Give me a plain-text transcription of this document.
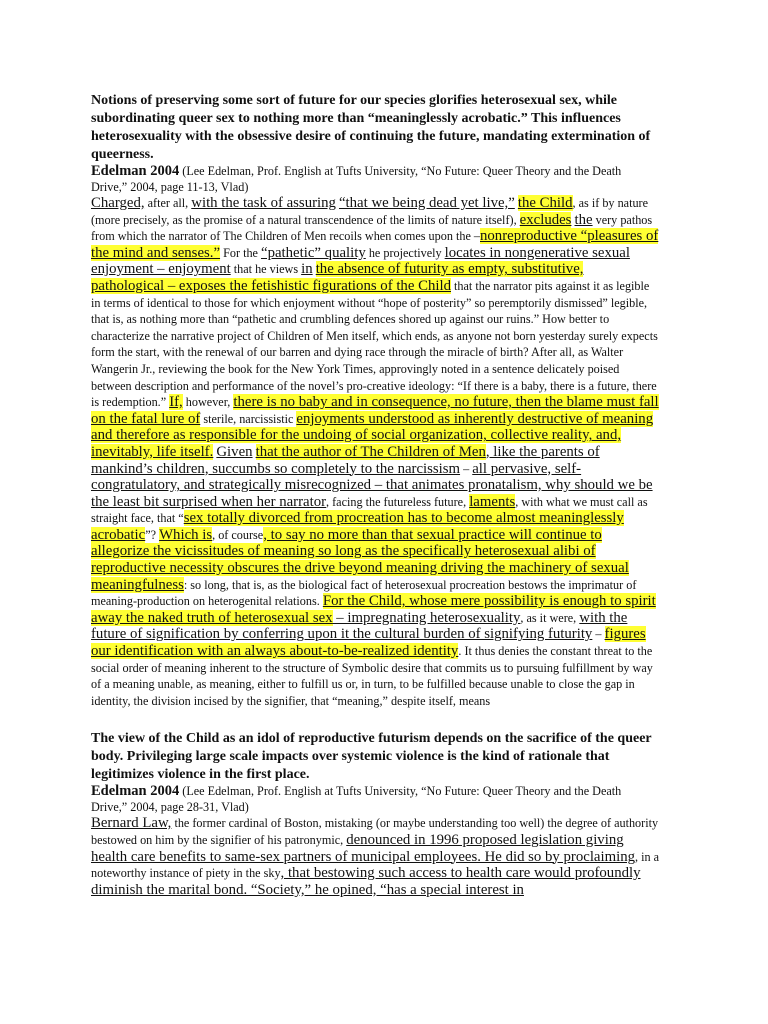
Notions of preserving some sort of future for our species glorifies heterosexual sex, while subordinating queer sex to nothing more than “meaninglessly acrobatic.” This influences heterosexuality with the obsessive desire of continuing the future, mandating extermination of queerness.

Edelman 2004 (Lee Edelman, Prof. English at Tufts University, “No Future: Queer Theory and the Death Drive,” 2004, page 11-13, Vlad)

Charged, after all, with the task of assuring “that we being dead yet live,” the Child, as if by nature (more precisely, as the promise of a natural transcendence of the limits of nature itself), excludes the very pathos from which the narrator of The Children of Men recoils when comes upon the –nonreproductive “pleasures of the mind and senses.” For the “pathetic” quality he projectively locates in nongenerative sexual enjoyment – enjoyment that he views in the absence of futurity as empty, substitutive, pathological – exposes the fetishistic figurations of the Child that the narrator pits against it as legible in terms of identical to those for which enjoyment without “hope of posterity” so peremptorily dismissed” legible, that is, as nothing more than “pathetic and crumbling defences shored up against our ruins.” How better to characterize the narrative project of Children of Men itself, which ends, as anyone not born yesterday surely expects form the start, with the renewal of our barren and dying race through the miracle of birth? After all, as Walter Wangerin Jr., reviewing the book for the New York Times, approvingly noted in a sentence delicately poised between description and performance of the novel’s pro-creative ideology: “If there is a baby, there is a future, there is redemption.” If, however, there is no baby and in consequence, no future, then the blame must fall on the fatal lure of sterile, narcissistic enjoyments understood as inherently destructive of meaning and therefore as responsible for the undoing of social organization, collective reality, and, inevitably, life itself. Given that the author of The Children of Men, like the parents of mankind’s children, succumbs so completely to the narcissism – all pervasive, self-congratulatory, and strategically misrecognized – that animates pronatalism, why should we be the least bit surprised when her narrator, facing the futureless future, laments, with what we must call as straight face, that “sex totally divorced from procreation has to become almost meaninglessly acrobatic”? Which is, of course, to say no more than that sexual practice will continue to allegorize the vicissitudes of meaning so long as the specifically heterosexual alibi of reproductive necessity obscures the drive beyond meaning driving the machinery of sexual meaningfulness: so long, that is, as the biological fact of heterosexual procreation bestows the imprimatur of meaning-production on heterogenital relations. For the Child, whose mere possibility is enough to spirit away the naked truth of heterosexual sex – impregnating heterosexuality, as it were, with the future of signification by conferring upon it the cultural burden of signifying futurity – figures our identification with an always about-to-be-realized identity. It thus denies the constant threat to the social order of meaning inherent to the structure of Symbolic desire that commits us to pursuing fulfillment by way of a meaning unable, as meaning, either to fulfill us or, in turn, to be fulfilled because unable to close the gap in identity, the division incised by the signifier, that “meaning,” despite itself, means

The view of the Child as an idol of reproductive futurism depends on the sacrifice of the queer body. Privileging large scale impacts over systemic violence is the kind of rationale that legitimizes violence in the first place.

Edelman 2004 (Lee Edelman, Prof. English at Tufts University, “No Future: Queer Theory and the Death Drive,” 2004, page 28-31, Vlad)

Bernard Law, the former cardinal of Boston, mistaking (or maybe understanding too well) the degree of authority bestowed on him by the signifier of his patronymic, denounced in 1996 proposed legislation giving health care benefits to same-sex partners of municipal employees. He did so by proclaiming, in a noteworthy instance of piety in the sky, that bestowing such access to health care would profoundly diminish the marital bond. “Society,” he opined, “has a special interest in
